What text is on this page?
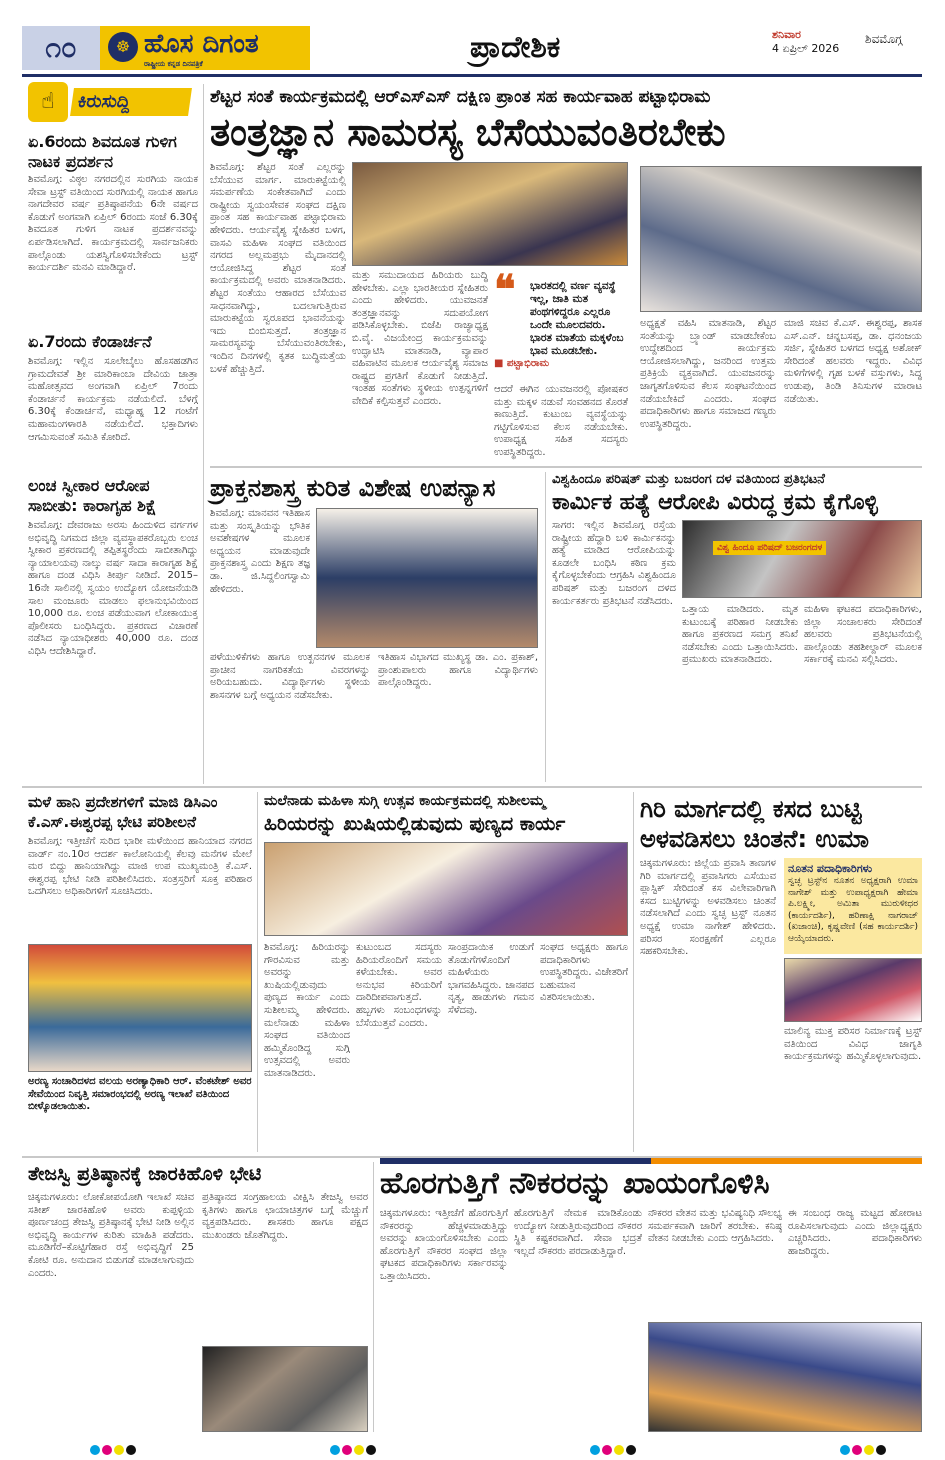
೧೦	☸ ಹೊಸ ದಿಗಂತ
ರಾಷ್ಟ್ರೀಯ ಕನ್ನಡ ದಿನಪತ್ರಿಕೆ	ಪ್ರಾದೇಶಿಕ	ಶನಿವಾರ
4 ಏಪ್ರಿಲ್ 2026
ಶಿವಮೊಗ್ಗ
☝	ಕಿರುಸುದ್ದಿ
ಏ.6ರಂದು ಶಿವದೂತ ಗುಳಿಗ ನಾಟಕ ಪ್ರದರ್ಶನ
ಶಿವಮೊಗ್ಗ: ವಿಠ್ಠಲ ನಗರದಲ್ಲಿನ ಸುರಗಿಯ ನಾಯಕ ಸೇವಾ ಟ್ರಸ್ಟ್ ವತಿಯಿಂದ ಸುರಗಿಯಲ್ಲಿ ನಾಯಕ ಹಾಗೂ ನಾಗದೇವರ ವರ್ಷ ಪ್ರತಿಷ್ಠಾಪನೆಯ 6ನೇ ವರ್ಷದ ಕೊಡುಗೆ ಅಂಗವಾಗಿ ಏಪ್ರಿಲ್ 6ರಂದು ಸಂಜೆ 6.30ಕ್ಕೆ ಶಿವದೂತ ಗುಳಿಗ ನಾಟಕ ಪ್ರದರ್ಶನವನ್ನು ಏರ್ಪಡಿಸಲಾಗಿದೆ. ಕಾರ್ಯಕ್ರಮದಲ್ಲಿ ಸಾರ್ವಜನಿಕರು ಪಾಲ್ಗೊಂಡು ಯಶಸ್ವಿಗೊಳಿಸಬೇಕೆಂದು ಟ್ರಸ್ಟ್ ಕಾರ್ಯದರ್ಶಿ ಮನವಿ ಮಾಡಿದ್ದಾರೆ.
ಏ.7ರಂದು ಕೆಂಡಾರ್ಚನೆ
ಶಿವಮೊಗ್ಗ: ಇಲ್ಲಿನ ಸೂಲೇಬೈಲು ಹೊಸಹಡಗಿನ ಗ್ರಾಮದೇವತೆ ಶ್ರೀ ಮಾರಿಕಾಂಬಾ ದೇವಿಯ ಜಾತ್ರಾ ಮಹೋತ್ಸವದ ಅಂಗವಾಗಿ ಏಪ್ರಿಲ್ 7ರಂದು ಕೆಂಡಾರ್ಚನೆ ಕಾರ್ಯಕ್ರಮ ನಡೆಯಲಿದೆ. ಬೆಳಗ್ಗೆ 6.30ಕ್ಕೆ ಕೆಂಡಾರ್ಚನೆ, ಮಧ್ಯಾಹ್ನ 12 ಗಂಟೆಗೆ ಮಹಾಮಂಗಳಾರತಿ ನಡೆಯಲಿದೆ. ಭಕ್ತಾದಿಗಳು ಆಗಮಿಸುವಂತೆ ಸಮಿತಿ ಕೋರಿದೆ.
ಲಂಚ ಸ್ವೀಕಾರ ಆರೋಪ ಸಾಬೀತು: ಕಾರಾಗೃಹ ಶಿಕ್ಷೆ
ಶಿವಮೊಗ್ಗ: ದೇವರಾಜು ಅರಸು ಹಿಂದುಳಿದ ವರ್ಗಗಳ ಅಭಿವೃದ್ಧಿ ನಿಗಮದ ಜಿಲ್ಲಾ ವ್ಯವಸ್ಥಾಪಕರೊಬ್ಬರು ಲಂಚ ಸ್ವೀಕಾರ ಪ್ರಕರಣದಲ್ಲಿ ತಪ್ಪಿತಸ್ಥರೆಂದು ಸಾಬೀತಾಗಿದ್ದು ನ್ಯಾಯಾಲಯವು ನಾಲ್ಕು ವರ್ಷ ಸಾದಾ ಕಾರಾಗೃಹ ಶಿಕ್ಷೆ ಹಾಗೂ ದಂಡ ವಿಧಿಸಿ ತೀರ್ಪು ನೀಡಿದೆ. 2015–16ನೇ ಸಾಲಿನಲ್ಲಿ ಸ್ವಯಂ ಉದ್ಯೋಗ ಯೋಜನೆಯಡಿ ಸಾಲ ಮಂಜೂರು ಮಾಡಲು ಫಲಾನುಭವಿಯಿಂದ 10,000 ರೂ. ಲಂಚ ಪಡೆಯುವಾಗ ಲೋಕಾಯುಕ್ತ ಪೊಲೀಸರು ಬಂಧಿಸಿದ್ದರು. ಪ್ರಕರಣದ ವಿಚಾರಣೆ ನಡೆಸಿದ ನ್ಯಾಯಾಧೀಶರು 40,000 ರೂ. ದಂಡ ವಿಧಿಸಿ ಆದೇಶಿಸಿದ್ದಾರೆ.
ಶೆಟ್ಟರ ಸಂತೆ ಕಾರ್ಯಕ್ರಮದಲ್ಲಿ ಆರ್‌ಎಸ್‌ಎಸ್ ದಕ್ಷಿಣ ಪ್ರಾಂತ ಸಹ ಕಾರ್ಯವಾಹ ಪಟ್ಟಾಭಿರಾಮ
ತಂತ್ರಜ್ಞಾನ ಸಾಮರಸ್ಯ ಬೆಸೆಯುವಂತಿರಬೇಕು
ಶಿವಮೊಗ್ಗ: ಶೆಟ್ಟರ ಸಂತೆ ಎಲ್ಲರನ್ನು ಬೆಸೆಯುವ ಮಾರ್ಗ. ಮಾರುಕಟ್ಟೆಯಲ್ಲಿ ಸಮರ್ಪಣೆಯ ಸಂಕೇತವಾಗಿದೆ ಎಂದು ರಾಷ್ಟ್ರೀಯ ಸ್ವಯಂಸೇವಕ ಸಂಘದ ದಕ್ಷಿಣ ಪ್ರಾಂತ ಸಹ ಕಾರ್ಯವಾಹ ಪಟ್ಟಾಭಿರಾಮ ಹೇಳಿದರು. ಆರ್ಯವೈಶ್ಯ ಸ್ನೇಹಿತರ ಬಳಗ, ವಾಸವಿ ಮಹಿಳಾ ಸಂಘದ ವತಿಯಿಂದ ನಗರದ ಅಲ್ಲಮಪ್ರಭು ಮೈದಾನದಲ್ಲಿ ಆಯೋಜಿಸಿದ್ದ ಶೆಟ್ಟರ ಸಂತೆ ಕಾರ್ಯಕ್ರಮದಲ್ಲಿ ಅವರು ಮಾತನಾಡಿದರು. ಶೆಟ್ಟರ ಸಂತೆಯು ಆಹಾರದ ಬೆಸೆಯುವ ಸಾಧನವಾಗಿದ್ದು, ಬದಲಾಗುತ್ತಿರುವ ಮಾರುಕಟ್ಟೆಯ ಸ್ವರೂಪದ ಭಾವನೆಯನ್ನು ಇದು ಬಿಂಬಿಸುತ್ತದೆ. ತಂತ್ರಜ್ಞಾನ ಸಾಮರಸ್ಯವನ್ನು ಬೆಸೆಯುವಂತಿರಬೇಕು, ಇಂದಿನ ದಿನಗಳಲ್ಲಿ ಕೃತಕ ಬುದ್ಧಿಮತ್ತೆಯ ಬಳಕೆ ಹೆಚ್ಚುತ್ತಿದೆ.
ಮತ್ತು ಸಮುದಾಯದ ಹಿರಿಯರು ಬುದ್ಧಿ ಹೇಳಬೇಕು. ಎಲ್ಲಾ ಭಾರತೀಯರ ಸ್ನೇಹಿತರು ಎಂದು ಹೇಳಿದರು. ಯುವಜನತೆ ತಂತ್ರಜ್ಞಾನವನ್ನು ಸದುಪಯೋಗ ಪಡಿಸಿಕೊಳ್ಳಬೇಕು. ಬಿಜೆಪಿ ರಾಜ್ಯಾಧ್ಯಕ್ಷ ಬಿ.ವೈ. ವಿಜಯೇಂದ್ರ ಕಾರ್ಯಕ್ರಮವನ್ನು ಉದ್ಘಾಟಿಸಿ ಮಾತನಾಡಿ, ವ್ಯಾಪಾರ ವಹಿವಾಟಿನ ಮೂಲಕ ಆರ್ಯವೈಶ್ಯ ಸಮಾಜ ರಾಷ್ಟ್ರದ ಪ್ರಗತಿಗೆ ಕೊಡುಗೆ ನೀಡುತ್ತಿದೆ. ಇಂತಹ ಸಂತೆಗಳು ಸ್ಥಳೀಯ ಉತ್ಪನ್ನಗಳಿಗೆ ವೇದಿಕೆ ಕಲ್ಪಿಸುತ್ತವೆ ಎಂದರು.
❝	ಭಾರತದಲ್ಲಿ ವರ್ಣ ವ್ಯವಸ್ಥೆ ಇಲ್ಲ, ಜಾತಿ ಮತ ಪಂಥಗಳಿದ್ದರೂ ಎಲ್ಲರೂ ಒಂದೇ ಮೂಲದವರು. ಭಾರತ ಮಾತೆಯ ಮಕ್ಕಳೆಂಬ ಭಾವ ಮೂಡಬೇಕು.
■ ಪಟ್ಟಾಭಿರಾಮ
ಆದರೆ ಈಗಿನ ಯುವಜನರಲ್ಲಿ ಪೋಷಕರ ಮತ್ತು ಮಕ್ಕಳ ನಡುವೆ ಸಂವಹನದ ಕೊರತೆ ಕಾಣುತ್ತಿದೆ. ಕುಟುಂಬ ವ್ಯವಸ್ಥೆಯನ್ನು ಗಟ್ಟಿಗೊಳಿಸುವ ಕೆಲಸ ನಡೆಯಬೇಕು. ಉಪಾಧ್ಯಕ್ಷ ಸಹಿತ ಸದಸ್ಯರು ಉಪಸ್ಥಿತರಿದ್ದರು.
ಅಧ್ಯಕ್ಷತೆ ವಹಿಸಿ ಮಾತನಾಡಿ, ಶೆಟ್ಟರ ಸಂತೆಯನ್ನು ಬ್ರ್ಯಾಂಡ್ ಮಾಡಬೇಕೆಂಬ ಉದ್ದೇಶದಿಂದ ಕಾರ್ಯಕ್ರಮ ಆಯೋಜಿಸಲಾಗಿದ್ದು, ಜನರಿಂದ ಉತ್ತಮ ಪ್ರತಿಕ್ರಿಯೆ ವ್ಯಕ್ತವಾಗಿದೆ. ಯುವಜನರನ್ನು ಜಾಗೃತಗೊಳಿಸುವ ಕೆಲಸ ಸಂಘಟನೆಯಿಂದ ನಡೆಯಬೇಕಿದೆ ಎಂದರು. ಸಂಘದ ಪದಾಧಿಕಾರಿಗಳು ಹಾಗೂ ಸಮಾಜದ ಗಣ್ಯರು ಉಪಸ್ಥಿತರಿದ್ದರು.
ಮಾಜಿ ಸಚಿವ ಕೆ.ಎಸ್. ಈಶ್ವರಪ್ಪ, ಶಾಸಕ ಎಸ್.ಎನ್. ಚನ್ನಬಸಪ್ಪ, ಡಾ. ಧನಂಜಯ ಸರ್ಜಿ, ಸ್ನೇಹಿತರ ಬಳಗದ ಅಧ್ಯಕ್ಷ ಅಶೋಕ್ ಸೇರಿದಂತೆ ಹಲವರು ಇದ್ದರು. ವಿವಿಧ ಮಳಿಗೆಗಳಲ್ಲಿ ಗೃಹ ಬಳಕೆ ವಸ್ತುಗಳು, ಸಿದ್ಧ ಉಡುಪು, ತಿಂಡಿ ತಿನಿಸುಗಳ ಮಾರಾಟ ನಡೆಯಿತು.
ಪ್ರಾಕ್ತನಶಾಸ್ತ್ರ ಕುರಿತ ವಿಶೇಷ ಉಪನ್ಯಾಸ
ಶಿವಮೊಗ್ಗ: ಮಾನವನ ಇತಿಹಾಸ ಮತ್ತು ಸಂಸ್ಕೃತಿಯನ್ನು ಭೌತಿಕ ಅವಶೇಷಗಳ ಮೂಲಕ ಅಧ್ಯಯನ ಮಾಡುವುದೇ ಪ್ರಾಕ್ತನಶಾಸ್ತ್ರ ಎಂದು ಶಿಕ್ಷಣ ತಜ್ಞ ಡಾ. ಜಿ.ಸಿದ್ದಲಿಂಗಸ್ವಾಮಿ ಹೇಳಿದರು.
ಪಳೆಯುಳಿಕೆಗಳು ಹಾಗೂ ಉತ್ಖನನಗಳ ಮೂಲಕ ಪ್ರಾಚೀನ ನಾಗರಿಕತೆಯ ವಿವರಗಳನ್ನು ಅರಿಯಬಹುದು. ವಿದ್ಯಾರ್ಥಿಗಳು ಸ್ಥಳೀಯ ಶಾಸನಗಳ ಬಗ್ಗೆ ಅಧ್ಯಯನ ನಡೆಸಬೇಕು.
ಇತಿಹಾಸ ವಿಭಾಗದ ಮುಖ್ಯಸ್ಥ ಡಾ. ಎಂ. ಪ್ರಕಾಶ್, ಪ್ರಾಂಶುಪಾಲರು ಹಾಗೂ ವಿದ್ಯಾರ್ಥಿಗಳು ಪಾಲ್ಗೊಂಡಿದ್ದರು.
ವಿಶ್ವಹಿಂದೂ ಪರಿಷತ್ ಮತ್ತು ಬಜರಂಗ ದಳ ವತಿಯಿಂದ ಪ್ರತಿಭಟನೆ
ಕಾರ್ಮಿಕ ಹತ್ಯೆ ಆರೋಪಿ ವಿರುದ್ಧ ಕ್ರಮ ಕೈಗೊಳ್ಳಿ
ಸಾಗರ: ಇಲ್ಲಿನ ಶಿವಮೊಗ್ಗ ರಸ್ತೆಯ ರಾಷ್ಟ್ರೀಯ ಹೆದ್ದಾರಿ ಬಳಿ ಕಾರ್ಮಿಕನನ್ನು ಹತ್ಯೆ ಮಾಡಿದ ಆರೋಪಿಯನ್ನು ಕೂಡಲೇ ಬಂಧಿಸಿ ಕಠಿಣ ಕ್ರಮ ಕೈಗೊಳ್ಳಬೇಕೆಂದು ಆಗ್ರಹಿಸಿ ವಿಶ್ವಹಿಂದೂ ಪರಿಷತ್ ಮತ್ತು ಬಜರಂಗ ದಳದ ಕಾರ್ಯಕರ್ತರು ಪ್ರತಿಭಟನೆ ನಡೆಸಿದರು.
ವಿಶ್ವ ಹಿಂದೂ ಪರಿಷದ್ ಬಜರಂಗದಳ
ಒತ್ತಾಯ ಮಾಡಿದರು. ಮೃತ ಕುಟುಂಬಕ್ಕೆ ಪರಿಹಾರ ನೀಡಬೇಕು ಹಾಗೂ ಪ್ರಕರಣದ ಸಮಗ್ರ ತನಿಖೆ ನಡೆಸಬೇಕು ಎಂದು ಒತ್ತಾಯಿಸಿದರು. ಪ್ರಮುಖರು ಮಾತನಾಡಿದರು.
ಮಹಿಳಾ ಘಟಕದ ಪದಾಧಿಕಾರಿಗಳು, ಜಿಲ್ಲಾ ಸಂಚಾಲಕರು ಸೇರಿದಂತೆ ಹಲವರು ಪ್ರತಿಭಟನೆಯಲ್ಲಿ ಪಾಲ್ಗೊಂಡು ತಹಶೀಲ್ದಾರ್ ಮೂಲಕ ಸರ್ಕಾರಕ್ಕೆ ಮನವಿ ಸಲ್ಲಿಸಿದರು.
ಮಳೆ ಹಾನಿ ಪ್ರದೇಶಗಳಿಗೆ ಮಾಜಿ ಡಿಸಿಎಂ ಕೆ.ಎಸ್.ಈಶ್ವರಪ್ಪ ಭೇಟಿ ಪರಿಶೀಲನೆ
ಶಿವಮೊಗ್ಗ: ಇತ್ತೀಚೆಗೆ ಸುರಿದ ಭಾರೀ ಮಳೆಯಿಂದ ಹಾನಿಯಾದ ನಗರದ ವಾರ್ಡ್ ನಂ.10ರ ಆದರ್ಶ ಕಾಲೋನಿಯಲ್ಲಿ ಕೆಲವು ಮನೆಗಳ ಮೇಲೆ ಮರ ಬಿದ್ದು ಹಾನಿಯಾಗಿದ್ದು ಮಾಜಿ ಉಪ ಮುಖ್ಯಮಂತ್ರಿ ಕೆ.ಎಸ್. ಈಶ್ವರಪ್ಪ ಭೇಟಿ ನೀಡಿ ಪರಿಶೀಲಿಸಿದರು. ಸಂತ್ರಸ್ತರಿಗೆ ಸೂಕ್ತ ಪರಿಹಾರ ಒದಗಿಸಲು ಅಧಿಕಾರಿಗಳಿಗೆ ಸೂಚಿಸಿದರು.
ಅರಣ್ಯ ಸಂಚಾರಿದಳದ ವಲಯ ಅರಣ್ಯಾಧಿಕಾರಿ ಆರ್. ವೆಂಕಟೇಶ್ ಅವರ ಸೇವೆಯಿಂದ ನಿವೃತ್ತಿ ಸಮಾರಂಭದಲ್ಲಿ ಅರಣ್ಯ ಇಲಾಖೆ ವತಿಯಿಂದ ಬೀಳ್ಕೊಡಲಾಯಿತು.
ಮಲೆನಾಡು ಮಹಿಳಾ ಸುಗ್ಗಿ ಉತ್ಸವ ಕಾರ್ಯಕ್ರಮದಲ್ಲಿ ಸುಶೀಲಮ್ಮ
ಹಿರಿಯರನ್ನು ಖುಷಿಯಲ್ಲಿಡುವುದು ಪುಣ್ಯದ ಕಾರ್ಯ
ಶಿವಮೊಗ್ಗ: ಹಿರಿಯರನ್ನು ಗೌರವಿಸುವ ಮತ್ತು ಅವರನ್ನು ಖುಷಿಯಲ್ಲಿಡುವುದು ಪುಣ್ಯದ ಕಾರ್ಯ ಎಂದು ಸುಶೀಲಮ್ಮ ಹೇಳಿದರು. ಮಲೆನಾಡು ಮಹಿಳಾ ಸಂಘದ ವತಿಯಿಂದ ಹಮ್ಮಿಕೊಂಡಿದ್ದ ಸುಗ್ಗಿ ಉತ್ಸವದಲ್ಲಿ ಅವರು ಮಾತನಾಡಿದರು.
ಕುಟುಂಬದ ಸದಸ್ಯರು ಹಿರಿಯರೊಂದಿಗೆ ಸಮಯ ಕಳೆಯಬೇಕು. ಅವರ ಅನುಭವ ಕಿರಿಯರಿಗೆ ದಾರಿದೀಪವಾಗುತ್ತದೆ. ಹಬ್ಬಗಳು ಸಂಬಂಧಗಳನ್ನು ಬೆಸೆಯುತ್ತವೆ ಎಂದರು.
ಸಾಂಪ್ರದಾಯಿಕ ಉಡುಗೆ ತೊಡುಗೆಗಳೊಂದಿಗೆ ಮಹಿಳೆಯರು ಭಾಗವಹಿಸಿದ್ದರು. ಜಾನಪದ ನೃತ್ಯ, ಹಾಡುಗಳು ಗಮನ ಸೆಳೆದವು.
ಸಂಘದ ಅಧ್ಯಕ್ಷರು ಹಾಗೂ ಪದಾಧಿಕಾರಿಗಳು ಉಪಸ್ಥಿತರಿದ್ದರು. ವಿಜೇತರಿಗೆ ಬಹುಮಾನ ವಿತರಿಸಲಾಯಿತು.
ಗಿರಿ ಮಾರ್ಗದಲ್ಲಿ ಕಸದ ಬುಟ್ಟಿ ಅಳವಡಿಸಲು ಚಿಂತನೆ: ಉಮಾ
ಚಿಕ್ಕಮಗಳೂರು: ಜಿಲ್ಲೆಯ ಪ್ರವಾಸಿ ತಾಣಗಳ ಗಿರಿ ಮಾರ್ಗದಲ್ಲಿ ಪ್ರವಾಸಿಗರು ಎಸೆಯುವ ಪ್ಲಾಸ್ಟಿಕ್ ಸೇರಿದಂತೆ ಕಸ ವಿಲೇವಾರಿಗಾಗಿ ಕಸದ ಬುಟ್ಟಿಗಳನ್ನು ಅಳವಡಿಸಲು ಚಿಂತನೆ ನಡೆಸಲಾಗಿದೆ ಎಂದು ಸ್ವಚ್ಛ ಟ್ರಸ್ಟ್ ನೂತನ ಅಧ್ಯಕ್ಷೆ ಉಮಾ ನಾಗೇಶ್ ಹೇಳಿದರು. ಪರಿಸರ ಸಂರಕ್ಷಣೆಗೆ ಎಲ್ಲರೂ ಸಹಕರಿಸಬೇಕು.
ನೂತನ ಪದಾಧಿಕಾರಿಗಳು
ಸ್ವಚ್ಛ ಟ್ರಸ್ಟ್‌ನ ನೂತನ ಅಧ್ಯಕ್ಷರಾಗಿ ಉಮಾ ನಾಗೇಶ್ ಮತ್ತು ಉಪಾಧ್ಯಕ್ಷರಾಗಿ ಹೇಮಾ ಪಿ.ಲಕ್ಷ್ಮೀ, ಅಮಿತಾ ಮುರುಳೀಧರ (ಕಾರ್ಯದರ್ಶಿ), ಹರಿಣಾಕ್ಷಿ ನಾಗರಾಜ್ (ಖಜಾಂಚಿ), ಕೃಷ್ಣವೇಣಿ (ಸಹ ಕಾರ್ಯದರ್ಶಿ) ಆಯ್ಕೆಯಾದರು.
ಮಾಲಿನ್ಯ ಮುಕ್ತ ಪರಿಸರ ನಿರ್ಮಾಣಕ್ಕೆ ಟ್ರಸ್ಟ್ ವತಿಯಿಂದ ವಿವಿಧ ಜಾಗೃತಿ ಕಾರ್ಯಕ್ರಮಗಳನ್ನು ಹಮ್ಮಿಕೊಳ್ಳಲಾಗುವುದು.
ತೇಜಸ್ವಿ ಪ್ರತಿಷ್ಠಾನಕ್ಕೆ ಜಾರಕಿಹೊಳಿ ಭೇಟಿ
ಚಿಕ್ಕಮಗಳೂರು: ಲೋಕೋಪಯೋಗಿ ಇಲಾಖೆ ಸಚಿವ ಸತೀಶ್ ಜಾರಕಿಹೊಳಿ ಅವರು ಕುಪ್ಪಳ್ಳಿಯ ಪೂರ್ಣಚಂದ್ರ ತೇಜಸ್ವಿ ಪ್ರತಿಷ್ಠಾನಕ್ಕೆ ಭೇಟಿ ನೀಡಿ ಅಲ್ಲಿನ ಅಭಿವೃದ್ಧಿ ಕಾರ್ಯಗಳ ಕುರಿತು ಮಾಹಿತಿ ಪಡೆದರು. ಮೂಡಿಗೆರೆ–ಕೊಟ್ಟಿಗೆಹಾರ ರಸ್ತೆ ಅಭಿವೃದ್ಧಿಗೆ 25 ಕೋಟಿ ರೂ. ಅನುದಾನ ಬಿಡುಗಡೆ ಮಾಡಲಾಗುವುದು ಎಂದರು.
ಪ್ರತಿಷ್ಠಾನದ ಸಂಗ್ರಹಾಲಯ ವೀಕ್ಷಿಸಿ ತೇಜಸ್ವಿ ಅವರ ಕೃತಿಗಳು ಹಾಗೂ ಛಾಯಾಚಿತ್ರಗಳ ಬಗ್ಗೆ ಮೆಚ್ಚುಗೆ ವ್ಯಕ್ತಪಡಿಸಿದರು. ಶಾಸಕರು ಹಾಗೂ ಪಕ್ಷದ ಮುಖಂಡರು ಜೊತೆಗಿದ್ದರು.
ಹೊರಗುತ್ತಿಗೆ ನೌಕರರನ್ನು ಖಾಯಂಗೊಳಿಸಿ
ಚಿಕ್ಕಮಗಳೂರು: ಇತ್ತೀಚೆಗೆ ಹೊರಗುತ್ತಿಗೆ ನೌಕರರನ್ನು ಹೆಚ್ಚಳಮಾಡುತ್ತಿದ್ದು ಅವರನ್ನು ಖಾಯಂಗೊಳಿಸಬೇಕು ಎಂದು ಹೊರಗುತ್ತಿಗೆ ನೌಕರರ ಸಂಘದ ಜಿಲ್ಲಾ ಘಟಕದ ಪದಾಧಿಕಾರಿಗಳು ಸರ್ಕಾರವನ್ನು ಒತ್ತಾಯಿಸಿದರು.
ಹೊರಗುತ್ತಿಗೆ ನೇಮಕ ಮಾಡಿಕೊಂಡು ಉದ್ಯೋಗ ನೀಡುತ್ತಿರುವುದರಿಂದ ನೌಕರರ ಸ್ಥಿತಿ ಕಷ್ಟಕರವಾಗಿದೆ. ಸೇವಾ ಭದ್ರತೆ ಇಲ್ಲದೆ ನೌಕರರು ಪರದಾಡುತ್ತಿದ್ದಾರೆ.
ನೌಕರರ ವೇತನ ಮತ್ತು ಭವಿಷ್ಯನಿಧಿ ಸೌಲಭ್ಯ ಸಮರ್ಪಕವಾಗಿ ಜಾರಿಗೆ ತರಬೇಕು. ಕನಿಷ್ಠ ವೇತನ ನೀಡಬೇಕು ಎಂದು ಆಗ್ರಹಿಸಿದರು.
ಈ ಸಂಬಂಧ ರಾಜ್ಯ ಮಟ್ಟದ ಹೋರಾಟ ರೂಪಿಸಲಾಗುವುದು ಎಂದು ಜಿಲ್ಲಾಧ್ಯಕ್ಷರು ಎಚ್ಚರಿಸಿದರು. ಪದಾಧಿಕಾರಿಗಳು ಹಾಜರಿದ್ದರು.
